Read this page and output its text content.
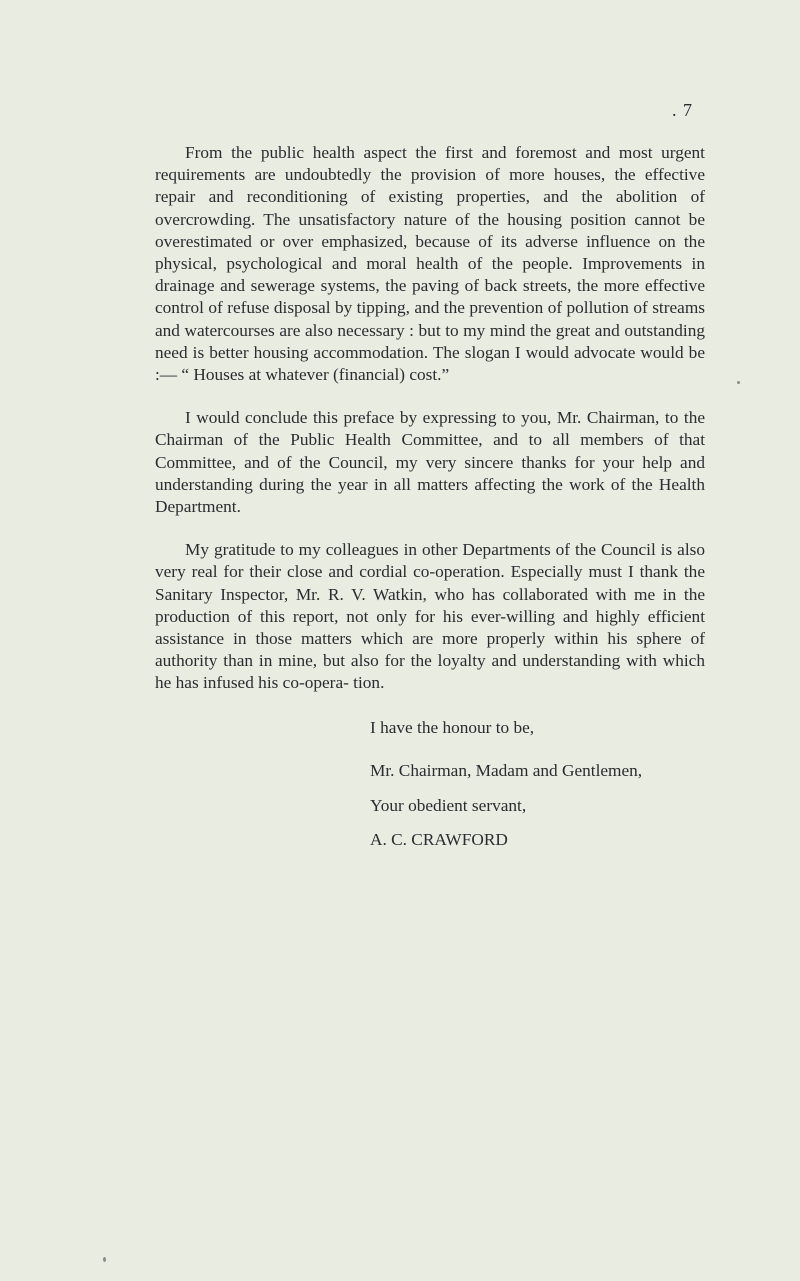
. 7

From the public health aspect the first and foremost and most urgent requirements are undoubtedly the provision of more houses, the effective repair and reconditioning of existing properties, and the abolition of overcrowding. The unsatisfactory nature of the housing position cannot be overestimated or over emphasized, because of its adverse influence on the physical, psychological and moral health of the people. Improvements in drainage and sewerage systems, the paving of back streets, the more effective control of refuse disposal by tipping, and the prevention of pollution of streams and watercourses are also necessary : but to my mind the great and outstanding need is better housing accommodation. The slogan I would advocate would be :— “ Houses at whatever (financial) cost.”

I would conclude this preface by expressing to you, Mr. Chairman, to the Chairman of the Public Health Committee, and to all members of that Committee, and of the Council, my very sincere thanks for your help and understanding during the year in all matters affecting the work of the Health Department.

My gratitude to my colleagues in other Departments of the Council is also very real for their close and cordial co-operation. Especially must I thank the Sanitary Inspector, Mr. R. V. Watkin, who has collaborated with me in the production of this report, not only for his ever-willing and highly efficient assistance in those matters which are more properly within his sphere of authority than in mine, but also for the loyalty and understanding with which he has infused his co-opera- tion.

I have the honour to be,
Mr. Chairman, Madam and Gentlemen,
Your obedient servant,
A. C. CRAWFORD
